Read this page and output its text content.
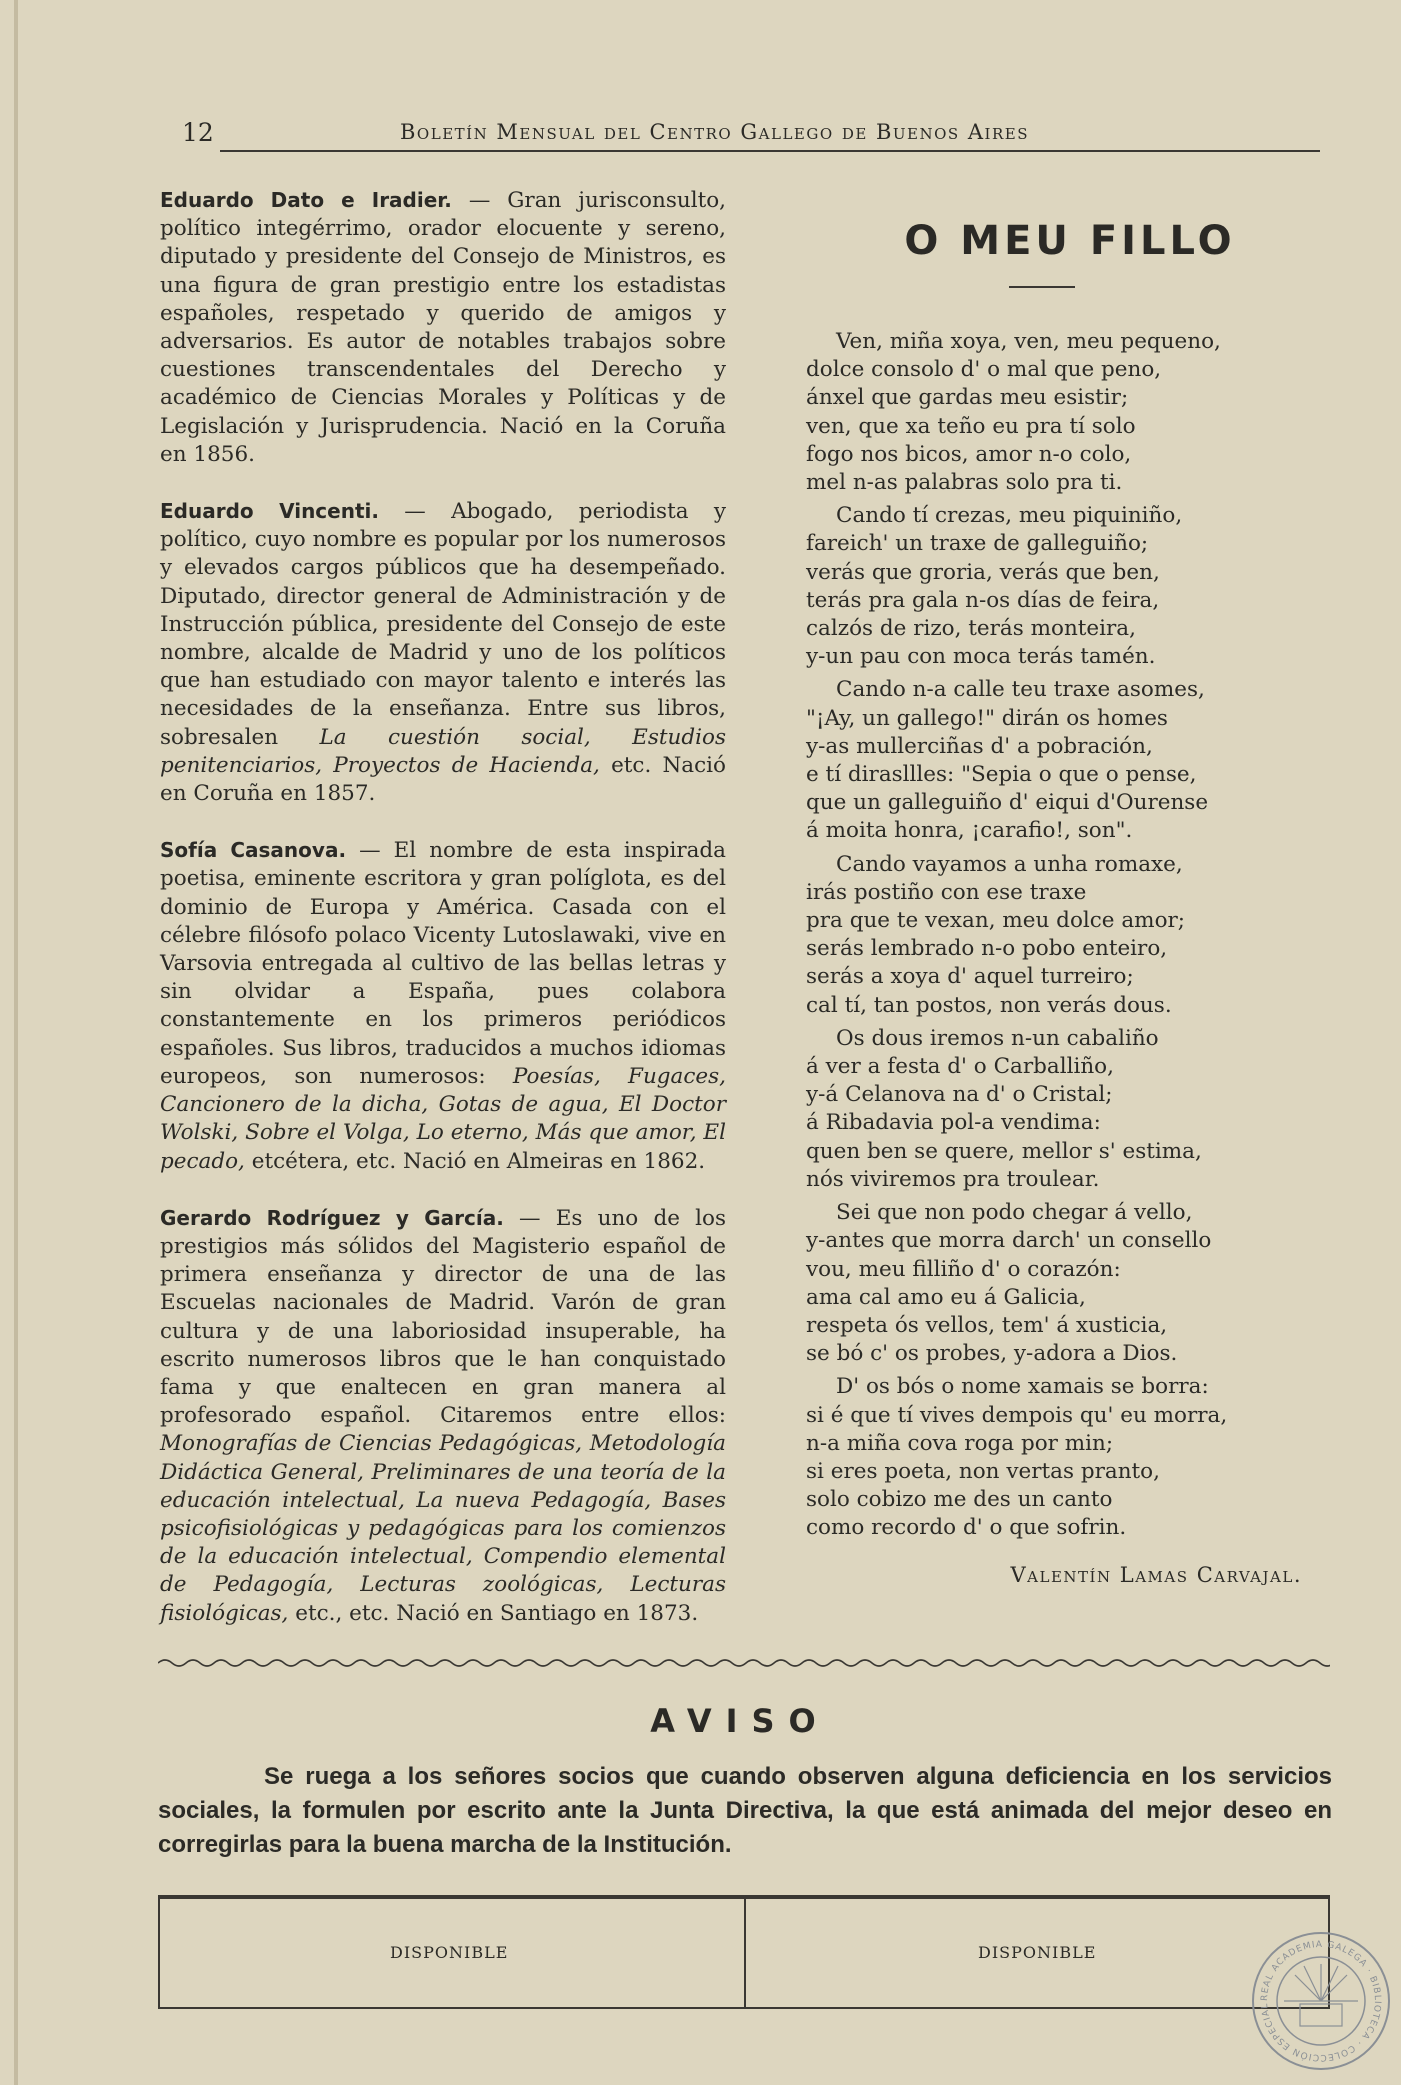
12	Boletín Mensual del Centro Gallego de Buenos Aires

Eduardo Dato e Iradier. — Gran jurisconsulto, político integérrimo, orador elocuente y sereno, diputado y presidente del Consejo de Ministros, es una figura de gran prestigio entre los estadistas españoles, respetado y querido de amigos y adversarios. Es autor de notables trabajos sobre cuestiones transcendentales del Derecho y académico de Ciencias Morales y Políticas y de Legislación y Jurisprudencia. Nació en la Coruña en 1856.

Eduardo Vincenti. — Abogado, periodista y político, cuyo nombre es popular por los numerosos y elevados cargos públicos que ha desempeñado. Diputado, director general de Administración y de Instrucción pública, presidente del Consejo de este nombre, alcalde de Madrid y uno de los políticos que han estudiado con mayor talento e interés las necesidades de la enseñanza. Entre sus libros, sobresalen La cuestión social, Estudios penitenciarios, Proyectos de Hacienda, etc. Nació en Coruña en 1857.

Sofía Casanova. — El nombre de esta inspirada poetisa, eminente escritora y gran políglota, es del dominio de Europa y América. Casada con el célebre filósofo polaco Vicenty Lutoslawaki, vive en Varsovia entregada al cultivo de las bellas letras y sin olvidar a España, pues colabora constantemente en los primeros periódicos españoles. Sus libros, traducidos a muchos idiomas europeos, son numerosos: Poesías, Fugaces, Cancionero de la dicha, Gotas de agua, El Doctor Wolski, Sobre el Volga, Lo eterno, Más que amor, El pecado, etcétera, etc. Nació en Almeiras en 1862.

Gerardo Rodríguez y García. — Es uno de los prestigios más sólidos del Magisterio español de primera enseñanza y director de una de las Escuelas nacionales de Madrid. Varón de gran cultura y de una laboriosidad insuperable, ha escrito numerosos libros que le han conquistado fama y que enaltecen en gran manera al profesorado español. Citaremos entre ellos: Monografías de Ciencias Pedagógicas, Metodología Didáctica General, Preliminares de una teoría de la educación intelectual, La nueva Pedagogía, Bases psicofisiológicas y pedagógicas para los comienzos de la educación intelectual, Compendio elemental de Pedagogía, Lecturas zoológicas, Lecturas fisiológicas, etc., etc. Nació en Santiago en 1873.

O MEU FILLO
Ven, miña xoya, ven, meu pequeno,
dolce consolo d' o mal que peno,
ánxel que gardas meu esistir;
ven, que xa teño eu pra tí solo
fogo nos bicos, amor n-o colo,
mel n-as palabras solo pra ti.
Cando tí crezas, meu piquiniño,
fareich' un traxe de galleguiño;
verás que groria, verás que ben,
terás pra gala n-os días de feira,
calzós de rizo, terás monteira,
y-un pau con moca terás tamén.
Cando n-a calle teu traxe asomes,
"¡Ay, un gallego!" dirán os homes
y-as mullerciñas d' a pobración,
e tí dirasllles: "Sepia o que o pense,
que un galleguiño d' eiqui d'Ourense
á moita honra, ¡carafio!, son".
Cando vayamos a unha romaxe,
irás postiño con ese traxe
pra que te vexan, meu dolce amor;
serás lembrado n-o pobo enteiro,
serás a xoya d' aquel turreiro;
cal tí, tan postos, non verás dous.
Os dous iremos n-un cabaliño
á ver a festa d' o Carballiño,
y-á Celanova na d' o Cristal;
á Ribadavia pol-a vendima:
quen ben se quere, mellor s' estima,
nós viviremos pra troulear.
Sei que non podo chegar á vello,
y-antes que morra darch' un consello
vou, meu filliño d' o corazón:
ama cal amo eu á Galicia,
respeta ós vellos, tem' á xusticia,
se bó c' os probes, y-adora a Dios.
D' os bós o nome xamais se borra:
si é que tí vives dempois qu' eu morra,
n-a miña cova roga por min;
si eres poeta, non vertas pranto,
solo cobizo me des un canto
como recordo d' o que sofrin.
Valentín Lamas Carvajal.
AVISO
Se ruega a los señores socios que cuando observen alguna deficiencia en los servicios sociales, la formulen por escrito ante la Junta Directiva, la que está animada del mejor deseo en corregirlas para la buena marcha de la Institución.
DISPONIBLE	DISPONIBLE
REAL ACADEMIA GALEGA · BIBLIOTECA · COLECCIÓN ESPECIAL
